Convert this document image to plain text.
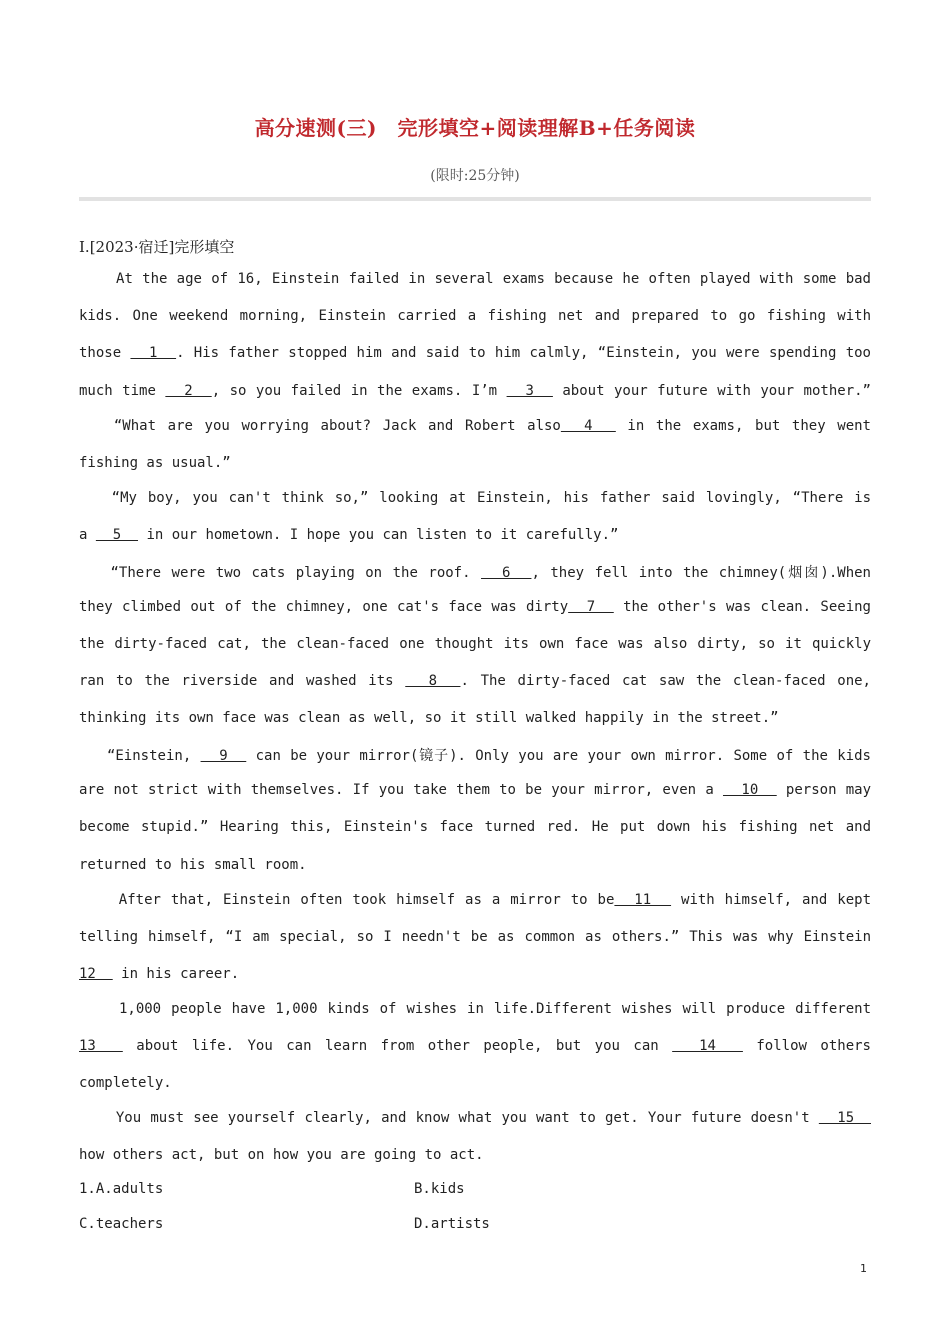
高分速测(三)　完形填空+阅读理解B+任务阅读
(限时:25分钟)
Ⅰ.[2023·宿迁]完形填空
At the age of 16, Einstein failed in several exams because he often played with some bad
kids. One weekend morning, Einstein carried a fishing net and prepared to go fishing with
those   1  . His father stopped him and said to him calmly, “Einstein, you were spending too
much time   2  , so you failed in the exams. I’m   3   about your future with your mother.”
“What are you worrying about? Jack and Robert also  4   in the exams, but they went
fishing as usual.”
“My boy, you can't think so,” looking at Einstein, his father said lovingly, “There is
a   5   in our hometown. I hope you can listen to it carefully.”
“There were two cats playing on the roof.   6  , they fell into the chimney(烟囱).When
they climbed out of the chimney, one cat's face was dirty  7   the other's was clean. Seeing
the dirty-faced cat, the clean-faced one thought its own face was also dirty, so it quickly
ran to the riverside and washed its   8  . The dirty-faced cat saw the clean-faced one,
thinking its own face was clean as well, so it still walked happily in the street.”
“Einstein,   9   can be your mirror(镜子). Only you are your own mirror. Some of the kids
are not strict with themselves. If you take them to be your mirror, even a   10   person may
become stupid.” Hearing this, Einstein's face turned red. He put down his fishing net and
returned to his small room.
After that, Einstein often took himself as a mirror to be  11   with himself, and kept
telling himself, “I am special, so I needn't be as common as others.” This was why Einstein
12   in his career.
1,000 people have 1,000 kinds of wishes in life.Different wishes will produce different
13   about life. You can learn from other people, but you can   14   follow others
completely.
You must see yourself clearly, and know what you want to get. Your future doesn't   15
how others act, but on how you are going to act.
1.A.adults	B.kids
C.teachers	D.artists
1
